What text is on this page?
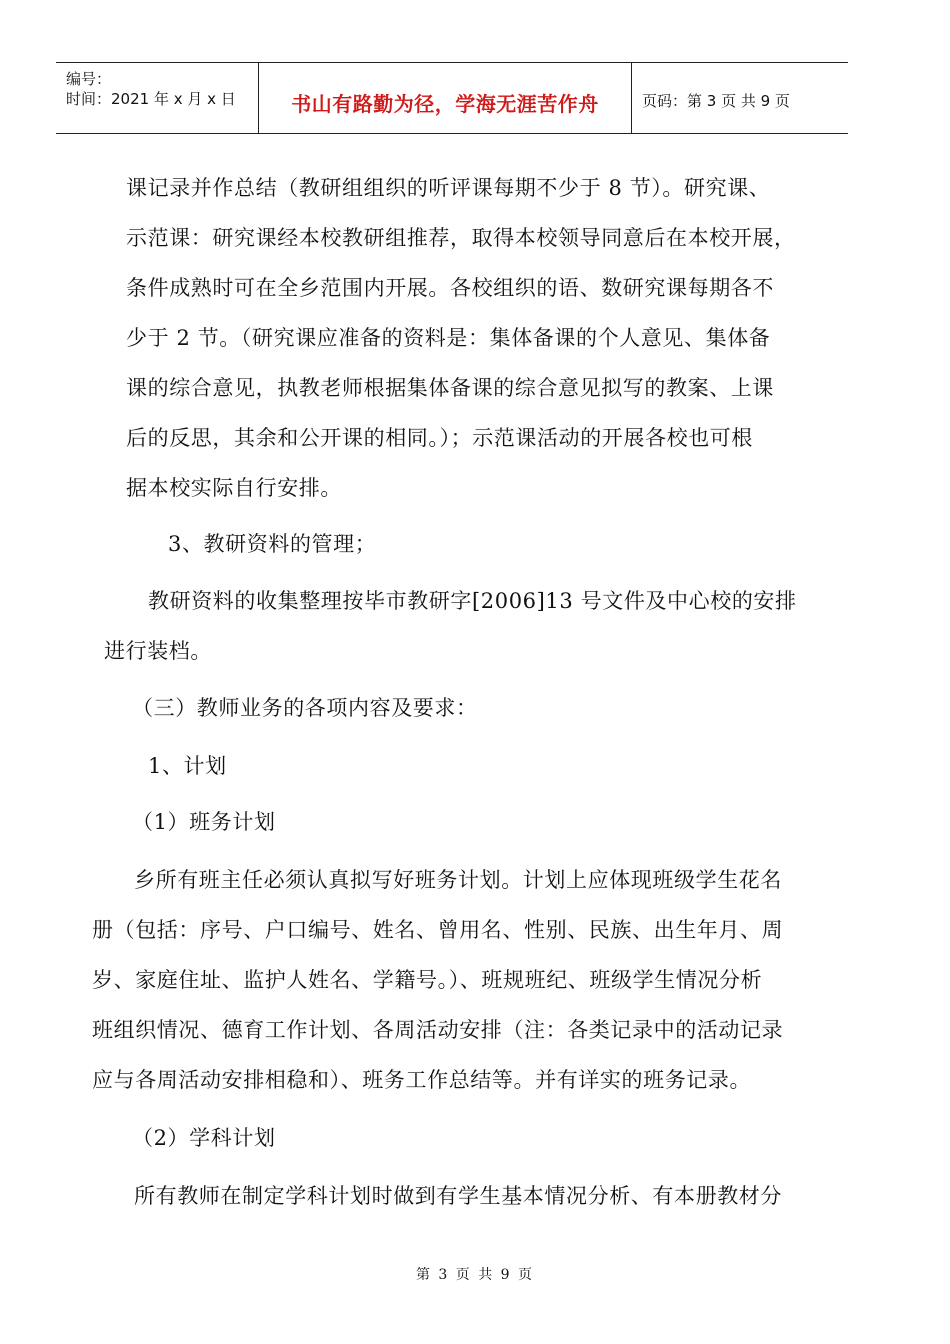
编号：
时间：2021 年 x 月 x 日	书山有路勤为径，学海无涯苦作舟	页码：第 3 页 共 9 页
课记录并作总结（教研组组织的听评课每期不少于 8 节）。研究课、
示范课：研究课经本校教研组推荐，取得本校领导同意后在本校开展，
条件成熟时可在全乡范围内开展。各校组织的语、数研究课每期各不
少于 2 节。（研究课应准备的资料是：集体备课的个人意见、集体备
课的综合意见，执教老师根据集体备课的综合意见拟写的教案、上课
后的反思，其余和公开课的相同。）；示范课活动的开展各校也可根
据本校实际自行安排。
3、教研资料的管理；
教研资料的收集整理按毕市教研字[2006]13 号文件及中心校的安排
进行装档。
（三）教师业务的各项内容及要求：
1、计划
（1）班务计划
乡所有班主任必须认真拟写好班务计划。计划上应体现班级学生花名
册（包括：序号、户口编号、姓名、曾用名、性别、民族、出生年月、周
岁、家庭住址、监护人姓名、学籍号。）、班规班纪、班级学生情况分析
班组织情况、德育工作计划、各周活动安排（注：各类记录中的活动记录
应与各周活动安排相稳和）、班务工作总结等。并有详实的班务记录。
（2）学科计划
所有教师在制定学科计划时做到有学生基本情况分析、有本册教材分
第 3 页 共 9 页
